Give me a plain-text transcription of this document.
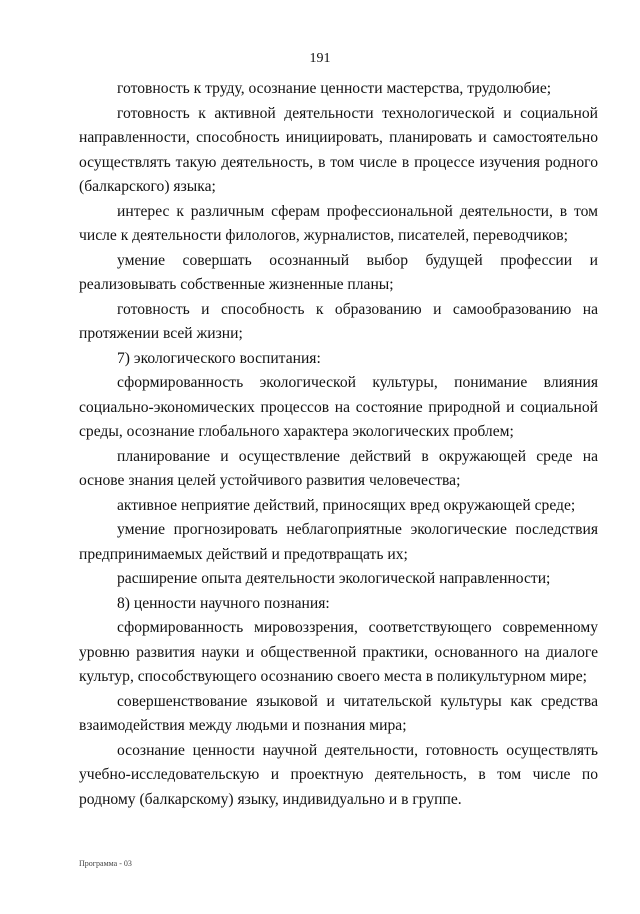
191

готовность к труду, осознание ценности мастерства, трудолюбие;

готовность к активной деятельности технологической и социальной направленности, способность инициировать, планировать и самостоятельно осуществлять такую деятельность, в том числе в процессе изучения родного (балкарского) языка;

интерес к различным сферам профессиональной деятельности, в том числе к деятельности филологов, журналистов, писателей, переводчиков;

умение совершать осознанный выбор будущей профессии и реализовывать собственные жизненные планы;

готовность и способность к образованию и самообразованию на протяжении всей жизни;

7) экологического воспитания:

сформированность экологической культуры, понимание влияния социально-экономических процессов на состояние природной и социальной среды, осознание глобального характера экологических проблем;

планирование и осуществление действий в окружающей среде на основе знания целей устойчивого развития человечества;

активное неприятие действий, приносящих вред окружающей среде;

умение прогнозировать неблагоприятные экологические последствия предпринимаемых действий и предотвращать их;

расширение опыта деятельности экологической направленности;

8) ценности научного познания:

сформированность мировоззрения, соответствующего современному уровню развития науки и общественной практики, основанного на диалоге культур, способствующего осознанию своего места в поликультурном мире;

совершенствование языковой и читательской культуры как средства взаимодействия между людьми и познания мира;

осознание ценности научной деятельности, готовность осуществлять учебно-исследовательскую и проектную деятельность, в том числе по родному (балкарскому) языку, индивидуально и в группе.

Программа - 03
